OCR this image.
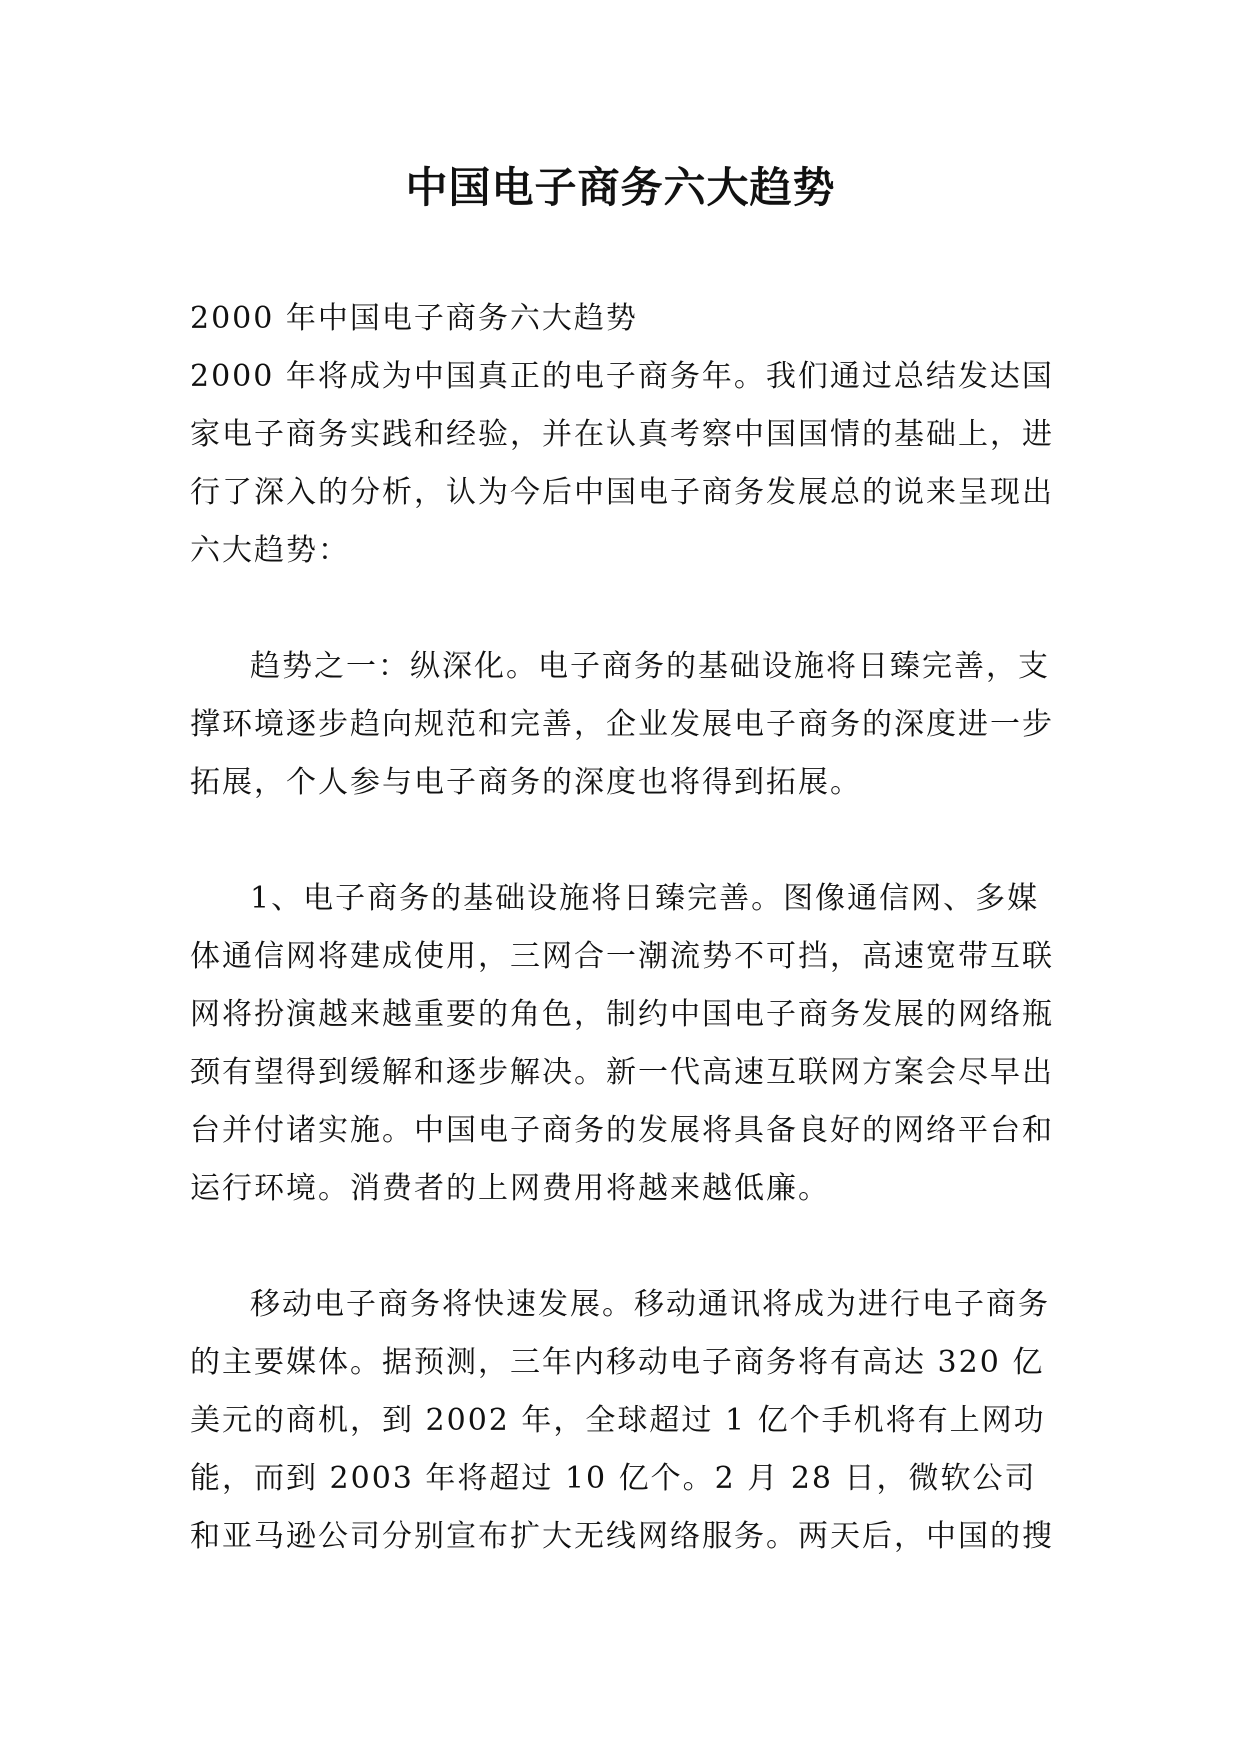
中国电子商务六大趋势

2000 年中国电子商务六大趋势

2000 年将成为中国真正的电子商务年。我们通过总结发达国家电子商务实践和经验，并在认真考察中国国情的基础上，进行了深入的分析，认为今后中国电子商务发展总的说来呈现出六大趋势：

趋势之一：纵深化。电子商务的基础设施将日臻完善，支撑环境逐步趋向规范和完善，企业发展电子商务的深度进一步拓展，个人参与电子商务的深度也将得到拓展。

1、电子商务的基础设施将日臻完善。图像通信网、多媒体通信网将建成使用，三网合一潮流势不可挡，高速宽带互联网将扮演越来越重要的角色，制约中国电子商务发展的网络瓶颈有望得到缓解和逐步解决。新一代高速互联网方案会尽早出台并付诸实施。中国电子商务的发展将具备良好的网络平台和运行环境。消费者的上网费用将越来越低廉。

移动电子商务将快速发展。移动通讯将成为进行电子商务的主要媒体。据预测，三年内移动电子商务将有高达 320 亿美元的商机，到 2002 年，全球超过 1 亿个手机将有上网功能，而到 2003 年将超过 10 亿个。2 月 28 日，微软公司和亚马逊公司分别宣布扩大无线网络服务。两天后，中国的搜
